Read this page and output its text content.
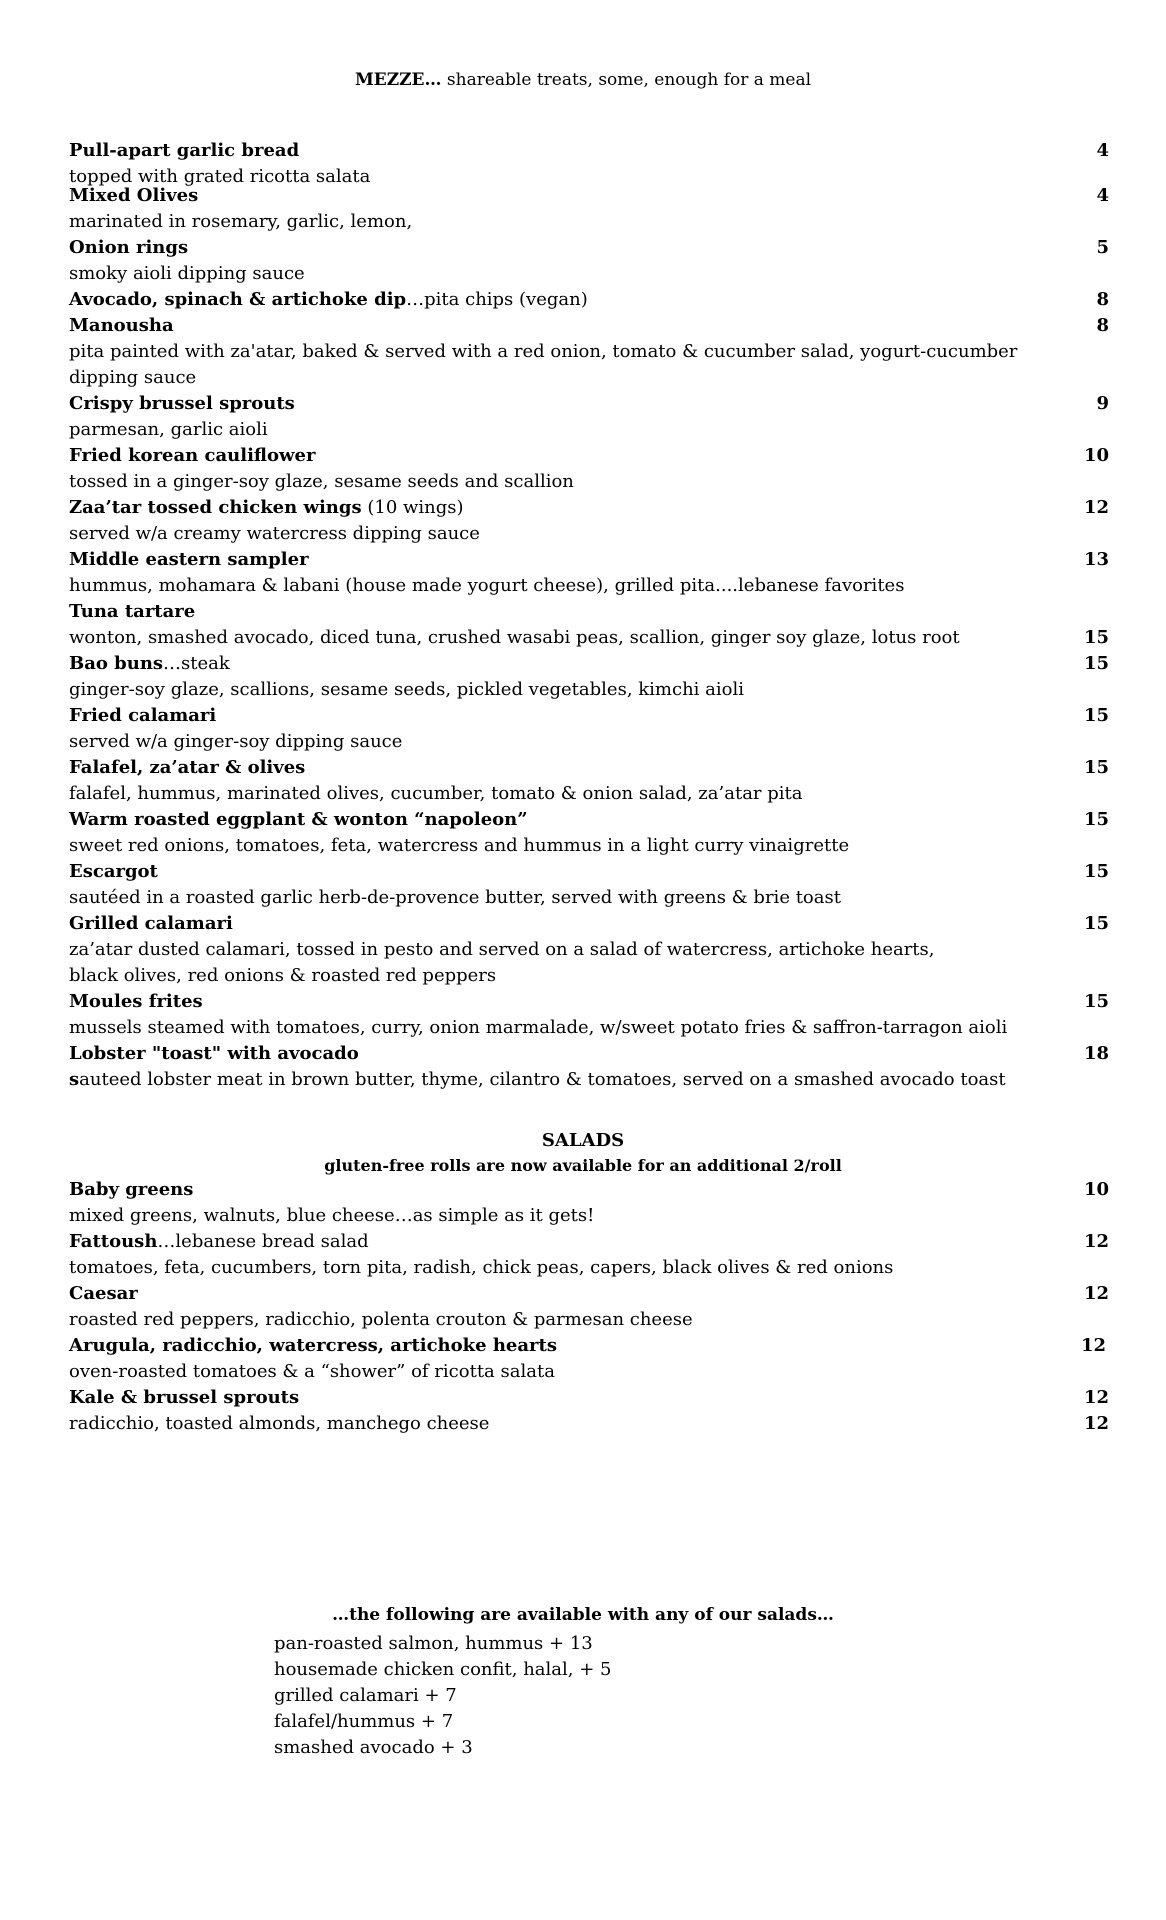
MEZZE… shareable treats, some, enough for a meal
4
Pull-apart garlic bread
topped with grated ricotta salata
4
Mixed Olives
marinated in rosemary, garlic, lemon,
5
Onion rings
smoky aioli dipping sauce
8
Avocado, spinach & artichoke dip…pita chips (vegan)
8
Manousha
pita painted with za'atar, baked & served with a red onion, tomato & cucumber salad, yogurt-cucumber
dipping sauce
9
Crispy brussel sprouts
parmesan, garlic aioli
10
Fried korean cauliflower
tossed in a ginger-soy glaze, sesame seeds and scallion
12
Zaa’tar tossed chicken wings (10 wings)
served w/a creamy watercress dipping sauce
13
Middle eastern sampler
hummus, mohamara & labani (house made yogurt cheese), grilled pita....lebanese favorites
15
Tuna tartare
wonton, smashed avocado, diced tuna, crushed wasabi peas, scallion, ginger soy glaze, lotus root
15
Bao buns…steak
ginger-soy glaze, scallions, sesame seeds, pickled vegetables, kimchi aioli
15
Fried calamari
served w/a ginger-soy dipping sauce
15
Falafel, za’atar & olives
falafel, hummus, marinated olives, cucumber, tomato & onion salad, za’atar pita
15
Warm roasted eggplant & wonton “napoleon”
sweet red onions, tomatoes, feta, watercress and hummus in a light curry vinaigrette
15
Escargot
sautéed in a roasted garlic herb-de-provence butter, served with greens & brie toast
15
Grilled calamari
za’atar dusted calamari, tossed in pesto and served on a salad of watercress, artichoke hearts,
black olives, red onions & roasted red peppers
15
Moules frites
mussels steamed with tomatoes, curry, onion marmalade, w/sweet potato fries & saffron-tarragon aioli
18
Lobster "toast" with avocado
sauteed lobster meat in brown butter, thyme, cilantro & tomatoes, served on a smashed avocado toast
SALADS
gluten-free rolls are now available for an additional 2/roll
10
Baby greens
mixed greens, walnuts, blue cheese…as simple as it gets!
12
Fattoush…lebanese bread salad
tomatoes, feta, cucumbers, torn pita, radish, chick peas, capers, black olives & red onions
12
Caesar
roasted red peppers, radicchio, polenta crouton & parmesan cheese
12
Arugula, radicchio, watercress, artichoke hearts
oven-roasted tomatoes & a “shower” of ricotta salata
12
12
Kale & brussel sprouts
radicchio, toasted almonds, manchego cheese
…the following are available with any of our salads…
pan-roasted salmon, hummus + 13
housemade chicken confit, halal, + 5
grilled calamari + 7
falafel/hummus + 7
smashed avocado + 3
